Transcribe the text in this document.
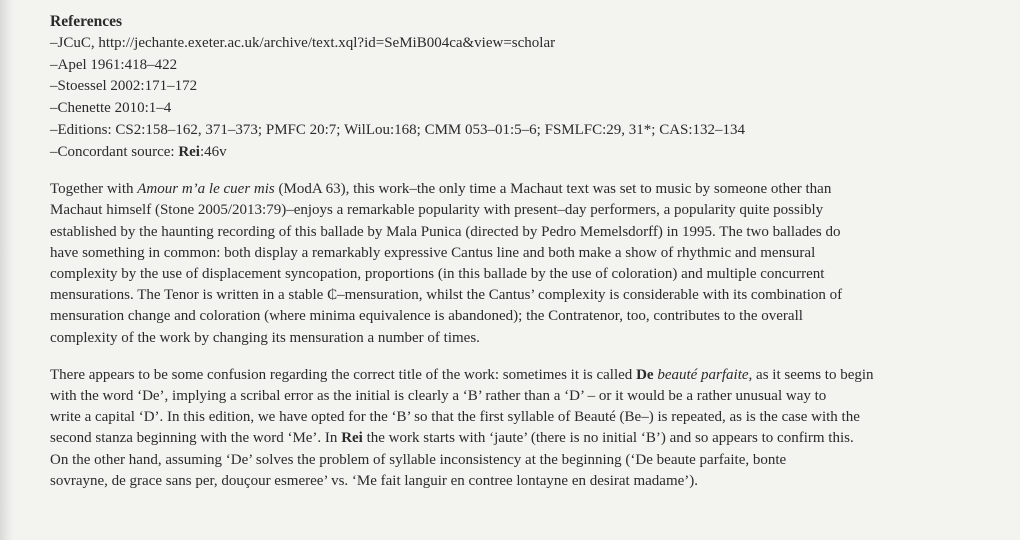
References
–JCuC, http://jechante.exeter.ac.uk/archive/text.xql?id=SeMiB004ca&view=scholar
–Apel 1961:418–422
–Stoessel 2002:171–172
–Chenette 2010:1–4
–Editions: CS2:158–162, 371–373; PMFC 20:7; WilLou:168; CMM 053–01:5–6; FSMLFC:29, 31*; CAS:132–134
–Concordant source: Rei:46v

Together with Amour m’a le cuer mis (ModA 63), this work–the only time a Machaut text was set to music by someone other than
Machaut himself (Stone 2005/2013:79)–enjoys a remarkable popularity with present–day performers, a popularity quite possibly
established by the haunting recording of this ballade by Mala Punica (directed by Pedro Memelsdorff) in 1995. The two ballades do
have something in common: both display a remarkably expressive Cantus line and both make a show of rhythmic and mensural
complexity by the use of displacement syncopation, proportions (in this ballade by the use of coloration) and multiple concurrent
mensurations. The Tenor is written in a stable ₵–mensuration, whilst the Cantus’ complexity is considerable with its combination of
mensuration change and coloration (where minima equivalence is abandoned); the Contratenor, too, contributes to the overall
complexity of the work by changing its mensuration a number of times.

There appears to be some confusion regarding the correct title of the work: sometimes it is called De beauté parfaite, as it seems to begin
with the word ‘De’, implying a scribal error as the initial is clearly a ‘B’ rather than a ‘D’ – or it would be a rather unusual way to
write a capital ‘D’. In this edition, we have opted for the ‘B’ so that the first syllable of Beauté (Be–) is repeated, as is the case with the
second stanza beginning with the word ‘Me’. In Rei the work starts with ‘jaute’ (there is no initial ‘B’) and so appears to confirm this.
On the other hand, assuming ‘De’ solves the problem of syllable inconsistency at the beginning (‘De beaute parfaite, bonte
sovrayne, de grace sans per, douçour esmeree’ vs. ‘Me fait languir en contree lontayne en desirat madame’).
